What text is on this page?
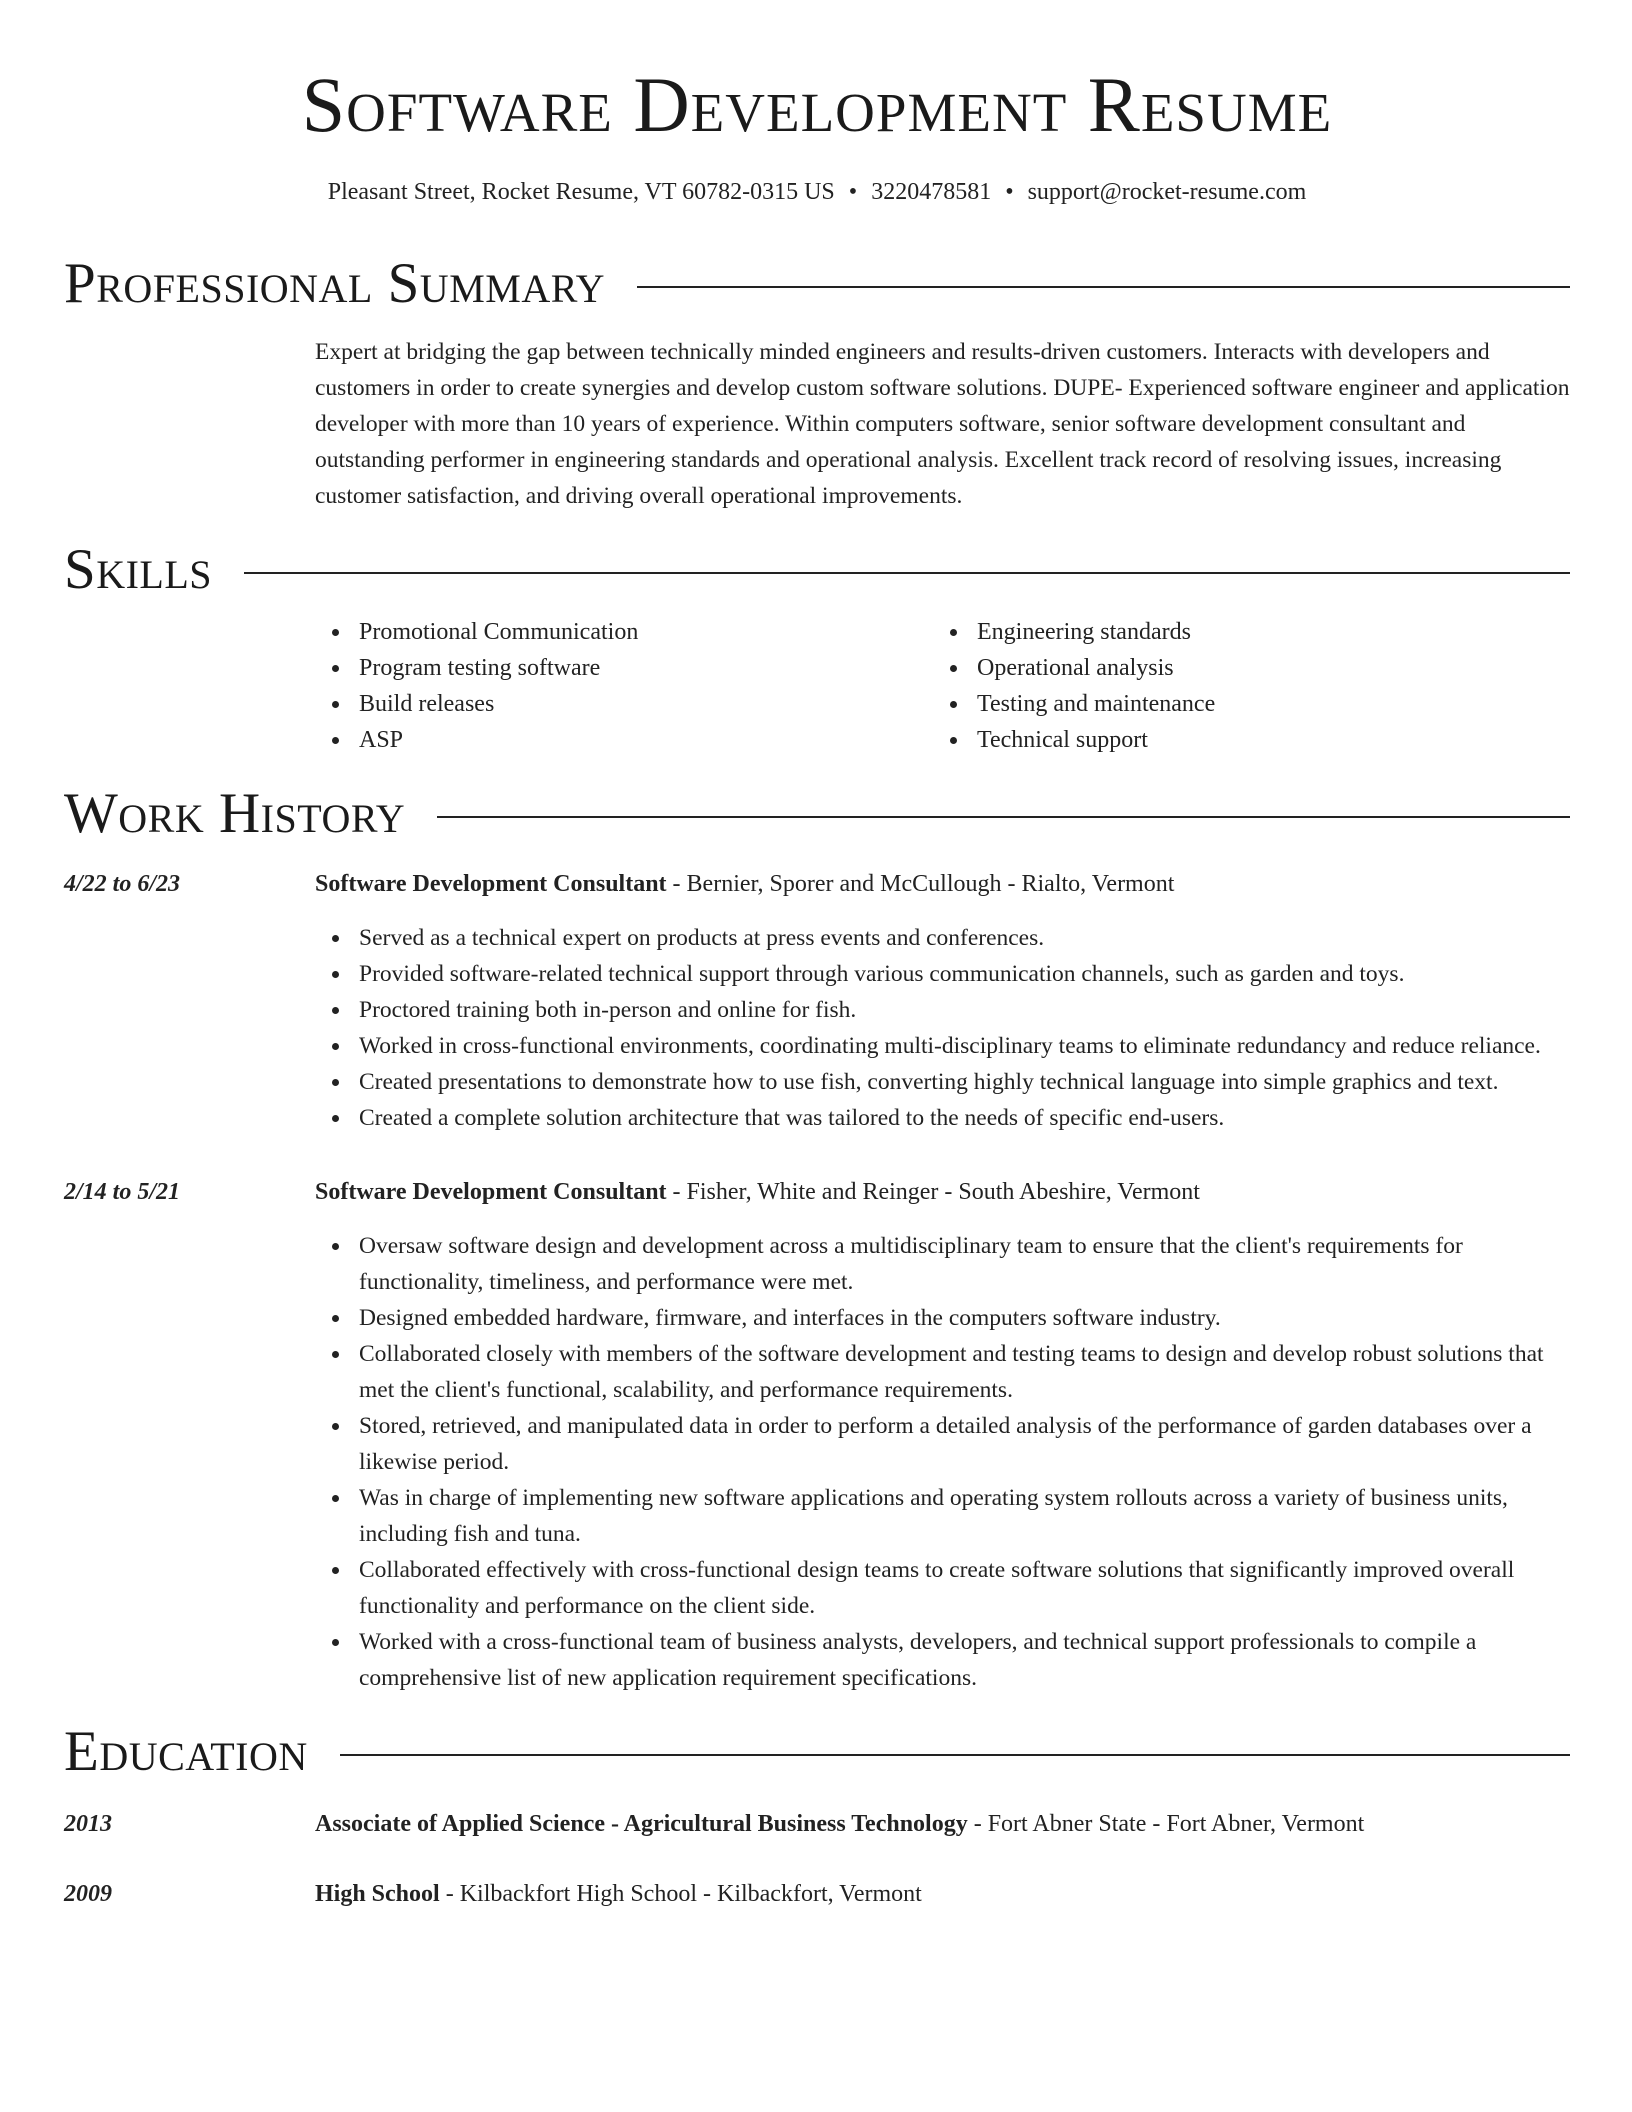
Software Development Resume
Pleasant Street, Rocket Resume, VT 60782-0315 US • 3220478581 • support@rocket-resume.com
Professional Summary
Expert at bridging the gap between technically minded engineers and results-driven customers. Interacts with developers and customers in order to create synergies and develop custom software solutions. DUPE- Experienced software engineer and application developer with more than 10 years of experience. Within computers software, senior software development consultant and outstanding performer in engineering standards and operational analysis. Excellent track record of resolving issues, increasing customer satisfaction, and driving overall operational improvements.
Skills
Promotional Communication
Program testing software
Build releases
ASP
Engineering standards
Operational analysis
Testing and maintenance
Technical support
Work History
4/22 to 6/23	Software Development Consultant - Bernier, Sporer and McCullough - Rialto, Vermont
Served as a technical expert on products at press events and conferences.
Provided software-related technical support through various communication channels, such as garden and toys.
Proctored training both in-person and online for fish.
Worked in cross-functional environments, coordinating multi-disciplinary teams to eliminate redundancy and reduce reliance.
Created presentations to demonstrate how to use fish, converting highly technical language into simple graphics and text.
Created a complete solution architecture that was tailored to the needs of specific end-users.
2/14 to 5/21	Software Development Consultant - Fisher, White and Reinger - South Abeshire, Vermont
Oversaw software design and development across a multidisciplinary team to ensure that the client's requirements for functionality, timeliness, and performance were met.
Designed embedded hardware, firmware, and interfaces in the computers software industry.
Collaborated closely with members of the software development and testing teams to design and develop robust solutions that met the client's functional, scalability, and performance requirements.
Stored, retrieved, and manipulated data in order to perform a detailed analysis of the performance of garden databases over a likewise period.
Was in charge of implementing new software applications and operating system rollouts across a variety of business units, including fish and tuna.
Collaborated effectively with cross-functional design teams to create software solutions that significantly improved overall functionality and performance on the client side.
Worked with a cross-functional team of business analysts, developers, and technical support professionals to compile a comprehensive list of new application requirement specifications.
Education
2013	Associate of Applied Science - Agricultural Business Technology - Fort Abner State - Fort Abner, Vermont
2009	High School - Kilbackfort High School - Kilbackfort, Vermont
